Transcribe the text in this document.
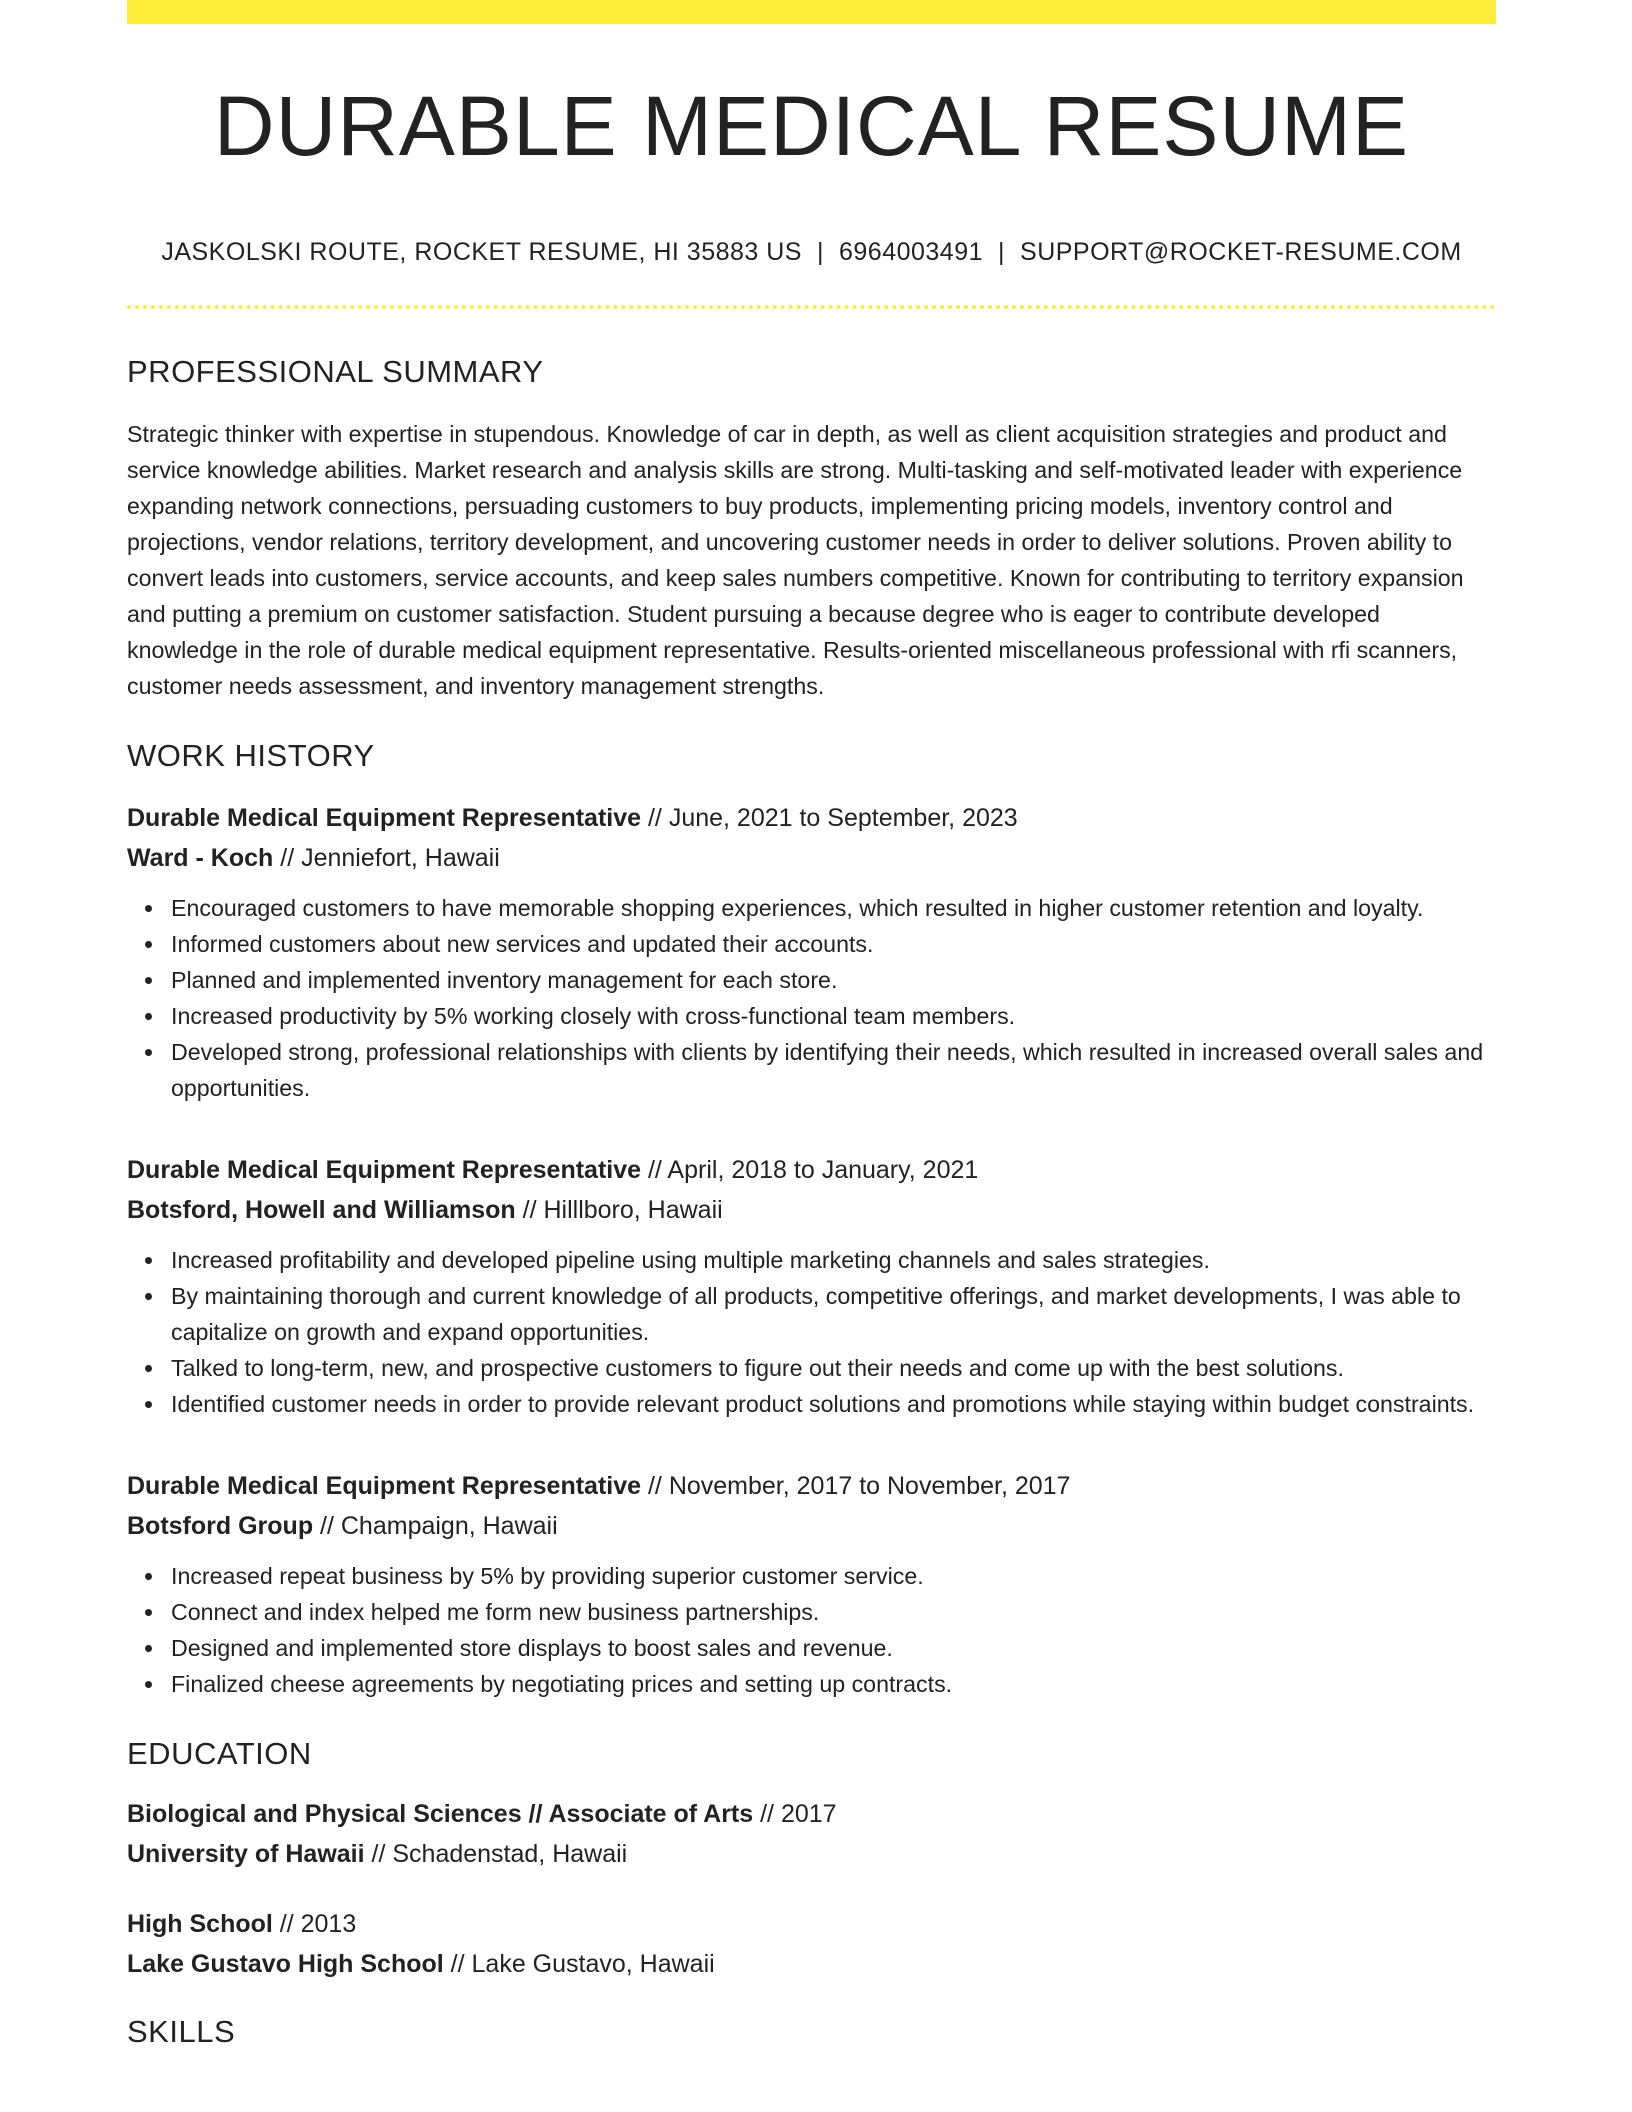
DURABLE MEDICAL RESUME
JASKOLSKI ROUTE, ROCKET RESUME, HI 35883 US | 6964003491 | SUPPORT@ROCKET-RESUME.COM
PROFESSIONAL SUMMARY

Strategic thinker with expertise in stupendous. Knowledge of car in depth, as well as client acquisition strategies and product and service knowledge abilities. Market research and analysis skills are strong. Multi-tasking and self-motivated leader with experience expanding network connections, persuading customers to buy products, implementing pricing models, inventory control and projections, vendor relations, territory development, and uncovering customer needs in order to deliver solutions. Proven ability to convert leads into customers, service accounts, and keep sales numbers competitive. Known for contributing to territory expansion and putting a premium on customer satisfaction. Student pursuing a because degree who is eager to contribute developed knowledge in the role of durable medical equipment representative. Results-oriented miscellaneous professional with rfi scanners, customer needs assessment, and inventory management strengths.

WORK HISTORY
Durable Medical Equipment Representative // June, 2021 to September, 2023
Ward - Koch // Jenniefort, Hawaii
Encouraged customers to have memorable shopping experiences, which resulted in higher customer retention and loyalty.
Informed customers about new services and updated their accounts.
Planned and implemented inventory management for each store.
Increased productivity by 5% working closely with cross-functional team members.
Developed strong, professional relationships with clients by identifying their needs, which resulted in increased overall sales and opportunities.
Durable Medical Equipment Representative // April, 2018 to January, 2021
Botsford, Howell and Williamson // Hilllboro, Hawaii
Increased profitability and developed pipeline using multiple marketing channels and sales strategies.
By maintaining thorough and current knowledge of all products, competitive offerings, and market developments, I was able to capitalize on growth and expand opportunities.
Talked to long-term, new, and prospective customers to figure out their needs and come up with the best solutions.
Identified customer needs in order to provide relevant product solutions and promotions while staying within budget constraints.
Durable Medical Equipment Representative // November, 2017 to November, 2017
Botsford Group // Champaign, Hawaii
Increased repeat business by 5% by providing superior customer service.
Connect and index helped me form new business partnerships.
Designed and implemented store displays to boost sales and revenue.
Finalized cheese agreements by negotiating prices and setting up contracts.
EDUCATION
Biological and Physical Sciences // Associate of Arts // 2017
University of Hawaii // Schadenstad, Hawaii
High School // 2013
Lake Gustavo High School // Lake Gustavo, Hawaii
SKILLS
